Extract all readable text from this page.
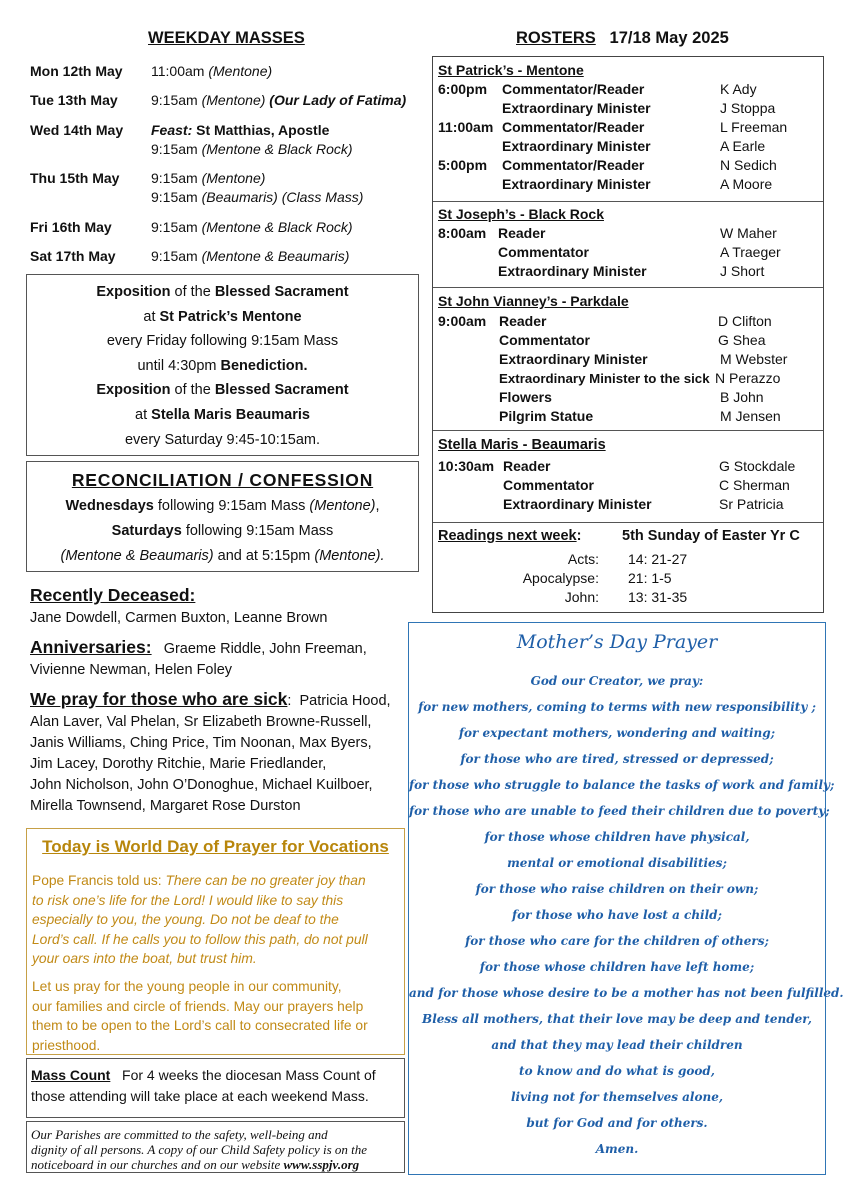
WEEKDAY MASSES
Mon 12th May	11:00am (Mentone)
Tue 13th May	9:15am (Mentone) (Our Lady of Fatima)
Wed 14th May	Feast: St Matthias, Apostle
9:15am (Mentone & Black Rock)
Thu 15th May	9:15am (Mentone)
9:15am (Beaumaris) (Class Mass)
Fri 16th May	9:15am (Mentone & Black Rock)
Sat 17th May	9:15am (Mentone & Beaumaris)
Exposition of the Blessed Sacrament
at St Patrick’s Mentone
every Friday following 9:15am Mass
until 4:30pm Benediction.
Exposition of the Blessed Sacrament
at Stella Maris Beaumaris
every Saturday 9:45-10:15am.
RECONCILIATION / CONFESSION
Wednesdays following 9:15am Mass (Mentone),
Saturdays following 9:15am Mass
(Mentone & Beaumaris) and at 5:15pm (Mentone).
Recently Deceased:
Jane Dowdell, Carmen Buxton, Leanne Brown
Anniversaries: Graeme Riddle, John Freeman,
Vivienne Newman, Helen Foley
We pray for those who are sick: Patricia Hood,
Alan Laver, Val Phelan, Sr Elizabeth Browne-Russell,
Janis Williams, Ching Price, Tim Noonan, Max Byers,
Jim Lacey, Dorothy Ritchie, Marie Friedlander,
John Nicholson, John O’Donoghue, Michael Kuilboer,
Mirella Townsend, Margaret Rose Durston
Today is World Day of Prayer for Vocations
Pope Francis told us: There can be no greater joy than
to risk one’s life for the Lord! I would like to say this
especially to you, the young. Do not be deaf to the
Lord’s call. If he calls you to follow this path, do not pull
your oars into the boat, but trust him.
Let us pray for the young people in our community,
our families and circle of friends. May our prayers help
them to be open to the Lord’s call to consecrated life or
priesthood.
Mass Count For 4 weeks the diocesan Mass Count of
those attending will take place at each weekend Mass.
Our Parishes are committed to the safety, well-being and
dignity of all persons. A copy of our Child Safety policy is on the
noticeboard in our churches and on our website www.sspjv.org
ROSTERS 17/18 May 2025
St Patrick’s - Mentone
6:00pm Commentator/Reader	K Ady
Extraordinary Minister	J Stoppa
11:00am Commentator/Reader	L Freeman
Extraordinary Minister	A Earle
5:00pm Commentator/Reader	N Sedich
Extraordinary Minister	A Moore
St Joseph’s - Black Rock
8:00am Reader	W Maher
Commentator	A Traeger
Extraordinary Minister	J Short
St John Vianney’s - Parkdale
9:00am Reader	D Clifton
Commentator	G Shea
Extraordinary Minister	M Webster
Extraordinary Minister to the sick N Perazzo
Flowers	B John
Pilgrim Statue	M Jensen
Stella Maris - Beaumaris
10:30am Reader	G Stockdale
Commentator	C Sherman
Extraordinary Minister	Sr Patricia
Readings next week:	5th Sunday of Easter Yr C
Acts: 14: 21-27
Apocalypse: 21: 1-5
John: 13: 31-35
Mother’s Day Prayer
God our Creator, we pray:
for new mothers, coming to terms with new responsibility ;
for expectant mothers, wondering and waiting;
for those who are tired, stressed or depressed;
for those who struggle to balance the tasks of work and family;
for those who are unable to feed their children due to poverty;
for those whose children have physical,
mental or emotional disabilities;
for those who raise children on their own;
for those who have lost a child;
for those who care for the children of others;
for those whose children have left home;
and for those whose desire to be a mother has not been fulfilled.
Bless all mothers, that their love may be deep and tender,
and that they may lead their children
to know and do what is good,
living not for themselves alone,
but for God and for others.
Amen.
